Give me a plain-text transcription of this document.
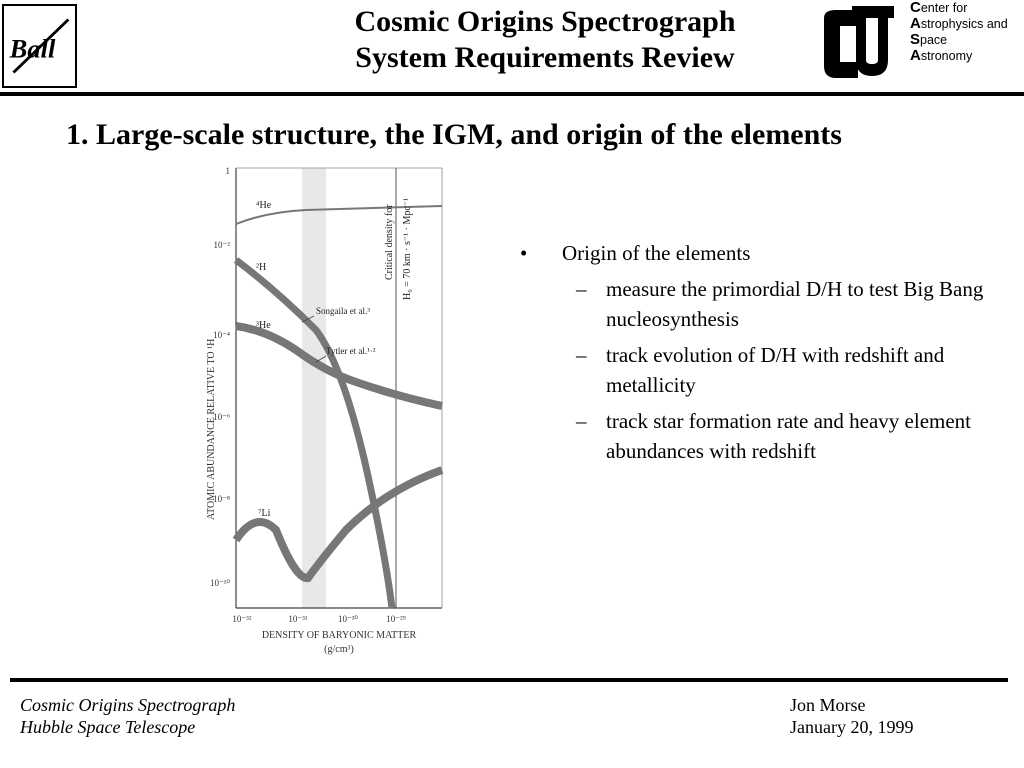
Ball
Cosmic Origins Spectrograph
System Requirements Review
Center for
Astrophysics and
Space
Astronomy
1. Large-scale structure, the IGM, and origin of the elements
1
10⁻²
10⁻⁴
10⁻⁶
10⁻⁸
10⁻¹⁰
10⁻³²	10⁻³¹	10⁻³⁰	10⁻²⁹
⁴He
²H
³He
⁷Li
Songaila et al.³
Tytler et al.¹·²
Critical density for H₀ = 70 km · s⁻¹ · Mpc⁻¹
ATOMIC ABUNDANCE RELATIVE TO ¹H
DENSITY OF BARYONIC MATTER
(g/cm³)
• Origin of the elements
– measure the primordial D/H to test Big Bang nucleosynthesis
– track evolution of D/H with redshift and metallicity
– track star formation rate and heavy element abundances with redshift
Cosmic Origins Spectrograph
Hubble Space Telescope
Jon Morse
January 20, 1999
